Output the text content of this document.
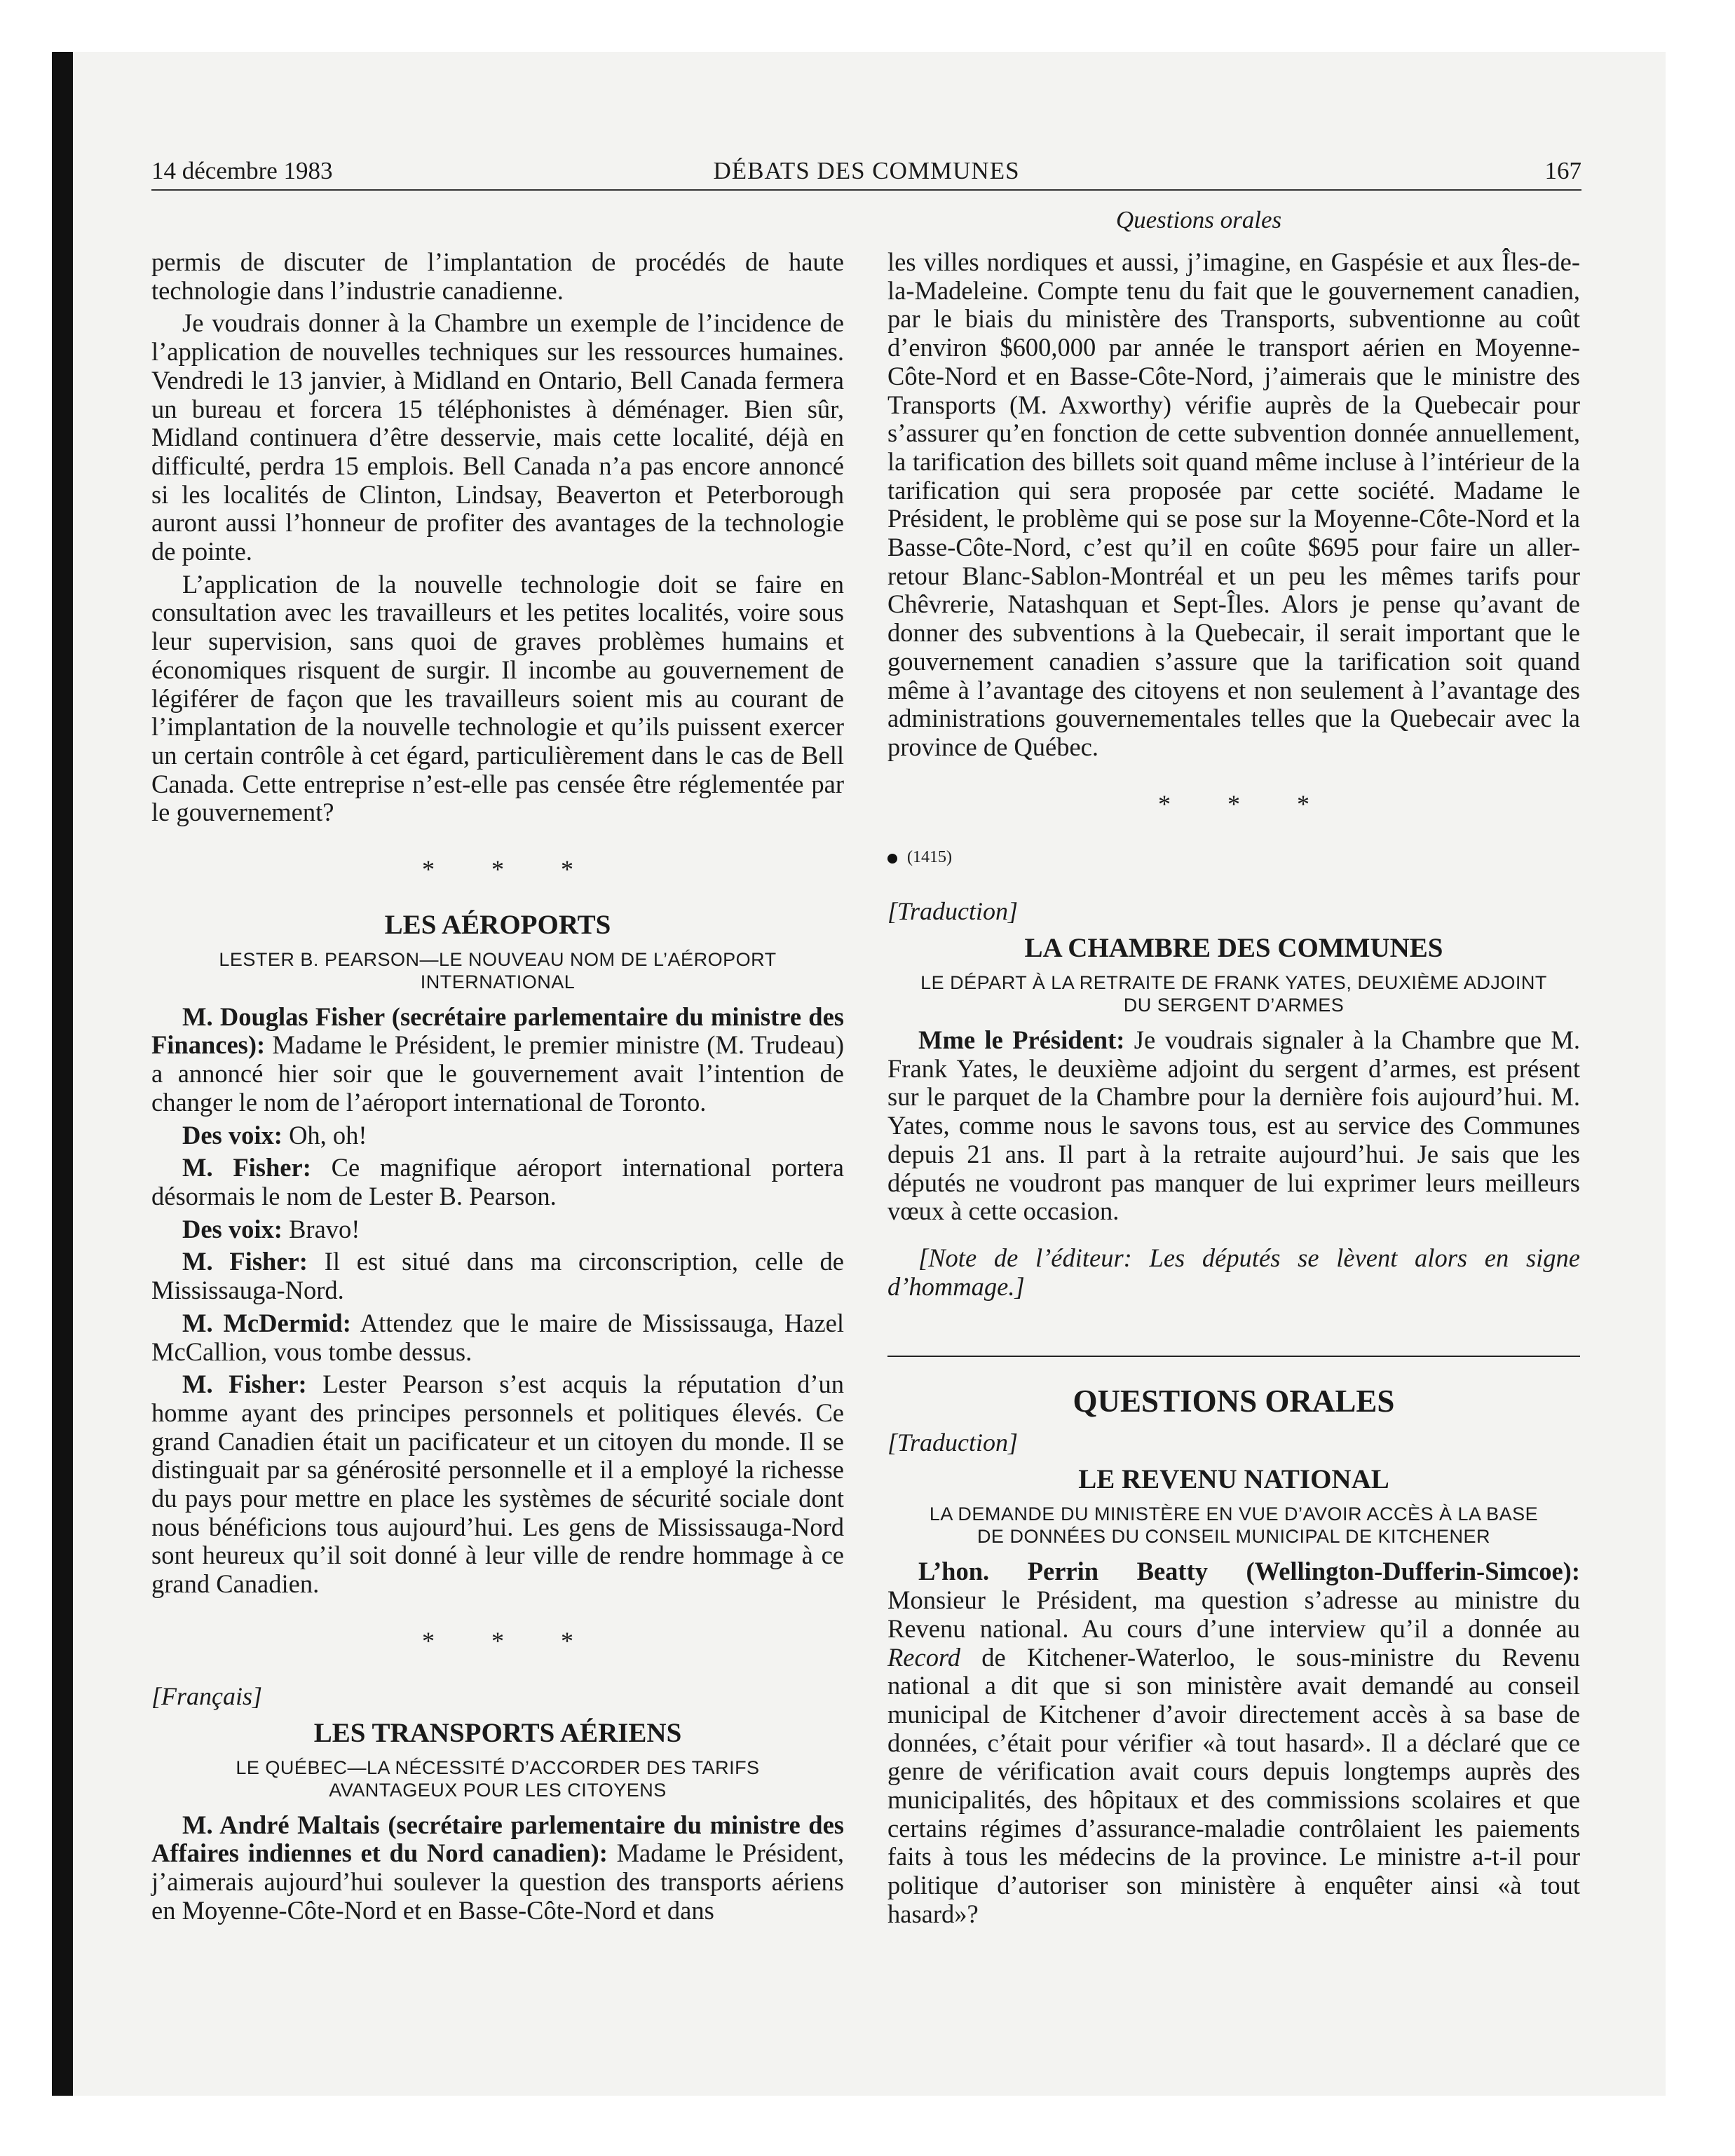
14 décembre 1983	DÉBATS DES COMMUNES	167
Questions orales

permis de discuter de l’implantation de procédés de haute technologie dans l’industrie canadienne.

Je voudrais donner à la Chambre un exemple de l’incidence de l’application de nouvelles techniques sur les ressources humaines. Vendredi le 13 janvier, à Midland en Ontario, Bell Canada fermera un bureau et forcera 15 téléphonistes à déménager. Bien sûr, Midland continuera d’être desservie, mais cette localité, déjà en difficulté, perdra 15 emplois. Bell Canada n’a pas encore annoncé si les localités de Clinton, Lindsay, Beaverton et Peterborough auront aussi l’honneur de profiter des avantages de la technologie de pointe.

L’application de la nouvelle technologie doit se faire en consultation avec les travailleurs et les petites localités, voire sous leur supervision, sans quoi de graves problèmes humains et économiques risquent de surgir. Il incombe au gouvernement de légiférer de façon que les travailleurs soient mis au courant de l’implantation de la nouvelle technologie et qu’ils puissent exercer un certain contrôle à cet égard, particulièrement dans le cas de Bell Canada. Cette entreprise n’est-elle pas censée être réglementée par le gouvernement?

* * *
LES AÉROPORTS
LESTER B. PEARSON—LE NOUVEAU NOM DE L’AÉROPORT INTERNATIONAL

M. Douglas Fisher (secrétaire parlementaire du ministre des Finances): Madame le Président, le premier ministre (M. Trudeau) a annoncé hier soir que le gouvernement avait l’intention de changer le nom de l’aéroport international de Toronto.

Des voix: Oh, oh!

M. Fisher: Ce magnifique aéroport international portera désormais le nom de Lester B. Pearson.

Des voix: Bravo!

M. Fisher: Il est situé dans ma circonscription, celle de Mississauga-Nord.

M. McDermid: Attendez que le maire de Mississauga, Hazel McCallion, vous tombe dessus.

M. Fisher: Lester Pearson s’est acquis la réputation d’un homme ayant des principes personnels et politiques élevés. Ce grand Canadien était un pacificateur et un citoyen du monde. Il se distinguait par sa générosité personnelle et il a employé la richesse du pays pour mettre en place les systèmes de sécurité sociale dont nous bénéficions tous aujourd’hui. Les gens de Mississauga-Nord sont heureux qu’il soit donné à leur ville de rendre hommage à ce grand Canadien.

* * *
[Français]
LES TRANSPORTS AÉRIENS
LE QUÉBEC—LA NÉCESSITÉ D’ACCORDER DES TARIFS AVANTAGEUX POUR LES CITOYENS

M. André Maltais (secrétaire parlementaire du ministre des Affaires indiennes et du Nord canadien): Madame le Président, j’aimerais aujourd’hui soulever la question des transports aériens en Moyenne-Côte-Nord et en Basse-Côte-Nord et dans

les villes nordiques et aussi, j’imagine, en Gaspésie et aux Îles-de-la-Madeleine. Compte tenu du fait que le gouvernement canadien, par le biais du ministère des Transports, subventionne au coût d’environ $600,000 par année le transport aérien en Moyenne-Côte-Nord et en Basse-Côte-Nord, j’aimerais que le ministre des Transports (M. Axworthy) vérifie auprès de la Quebecair pour s’assurer qu’en fonction de cette subvention donnée annuellement, la tarification des billets soit quand même incluse à l’intérieur de la tarification qui sera proposée par cette société. Madame le Président, le problème qui se pose sur la Moyenne-Côte-Nord et la Basse-Côte-Nord, c’est qu’il en coûte $695 pour faire un aller-retour Blanc-Sablon-Montréal et un peu les mêmes tarifs pour Chêvrerie, Natashquan et Sept-Îles. Alors je pense qu’avant de donner des subventions à la Quebecair, il serait important que le gouvernement canadien s’assure que la tarification soit quand même à l’avantage des citoyens et non seulement à l’avantage des administrations gouvernementales telles que la Quebecair avec la province de Québec.

* * *
(1415)
[Traduction]
LA CHAMBRE DES COMMUNES
LE DÉPART À LA RETRAITE DE FRANK YATES, DEUXIÈME ADJOINT DU SERGENT D’ARMES

Mme le Président: Je voudrais signaler à la Chambre que M. Frank Yates, le deuxième adjoint du sergent d’armes, est présent sur le parquet de la Chambre pour la dernière fois aujourd’hui. M. Yates, comme nous le savons tous, est au service des Communes depuis 21 ans. Il part à la retraite aujourd’hui. Je sais que les députés ne voudront pas manquer de lui exprimer leurs meilleurs vœux à cette occasion.

[Note de l’éditeur: Les députés se lèvent alors en signe d’hommage.]

QUESTIONS ORALES
[Traduction]
LE REVENU NATIONAL
LA DEMANDE DU MINISTÈRE EN VUE D’AVOIR ACCÈS À LA BASE DE DONNÉES DU CONSEIL MUNICIPAL DE KITCHENER

L’hon. Perrin Beatty (Wellington-Dufferin-Simcoe): Monsieur le Président, ma question s’adresse au ministre du Revenu national. Au cours d’une interview qu’il a donnée au Record de Kitchener-Waterloo, le sous-ministre du Revenu national a dit que si son ministère avait demandé au conseil municipal de Kitchener d’avoir directement accès à sa base de données, c’était pour vérifier «à tout hasard». Il a déclaré que ce genre de vérification avait cours depuis longtemps auprès des municipalités, des hôpitaux et des commissions scolaires et que certains régimes d’assurance-maladie contrôlaient les paiements faits à tous les médecins de la province. Le ministre a-t-il pour politique d’autoriser son ministère à enquêter ainsi «à tout hasard»?
